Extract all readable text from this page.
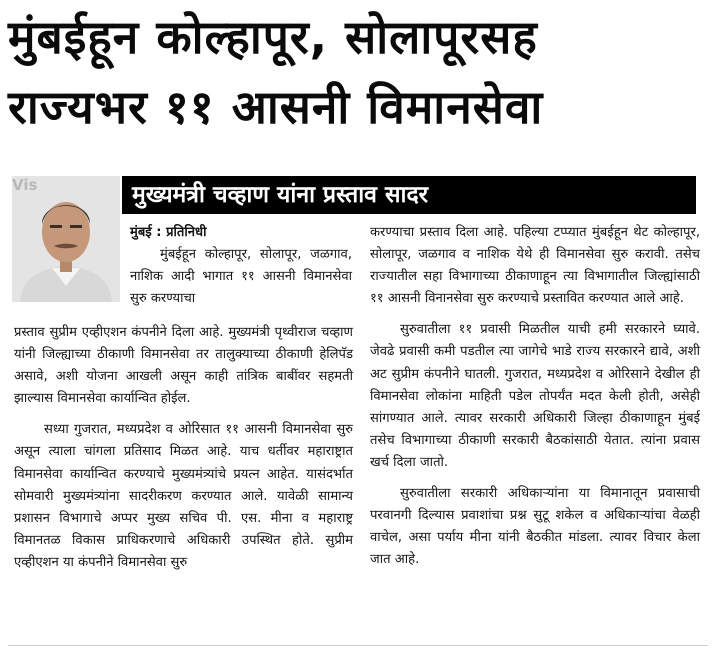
मुंबईहून कोल्हापूर, सोलापूरसह
राज्यभर ११ आसनी विमानसेवा
Vis	मुख्यमंत्री चव्हाण यांना प्रस्ताव सादर

मुंबई : प्रतिनिधी

मुंबईहून कोल्हापूर, सोलापूर, जळगाव, नाशिक आदी भागात ११ आसनी विमानसेवा सुरु करण्याचा

प्रस्ताव सुप्रीम एव्हीएशन कंपनीने दिला आहे. मुख्यमंत्री पृथ्वीराज चव्हाण यांनी जिल्ह्याच्या ठीकाणी विमानसेवा तर तालुक्याच्या ठीकाणी हेलिपॅड असावे, अशी योजना आखली असून काही तांत्रिक बाबींवर सहमती झाल्यास विमानसेवा कार्यान्वित होईल.

सध्या गुजरात, मध्यप्रदेश व ओरिसात ११ आसनी विमानसेवा सुरु असून त्याला चांगला प्रतिसाद मिळत आहे. याच धर्तीवर महाराष्ट्रात विमानसेवा कार्यान्वित करण्याचे मुख्यमंत्र्यांचे प्रयत्न आहेत. यासंदर्भात सोमवारी मुख्यमंत्र्यांना सादरीकरण करण्यात आले. यावेळी सामान्य प्रशासन विभागाचे अप्पर मुख्य सचिव पी. एस. मीना व महाराष्ट्र विमानतळ विकास प्राधिकरणाचे अधिकारी उपस्थित होते. सुप्रीम एव्हीएशन या कंपनीने विमानसेवा सुरु

करण्याचा प्रस्ताव दिला आहे. पहिल्या टप्प्यात मुंबईहून थेट कोल्हापूर, सोलापूर, जळगाव व नाशिक येथे ही विमानसेवा सुरु करावी. तसेच राज्यातील सहा विभागाच्या ठीकाणाहून त्या विभागातील जिल्ह्यांसाठी ११ आसनी विनानसेवा सुरु करण्याचे प्रस्तावित करण्यात आले आहे.

सुरुवातीला ११ प्रवासी मिळतील याची हमी सरकारने घ्यावे. जेवढे प्रवासी कमी पडतील त्या जागेचे भाडे राज्य सरकारने द्यावे, अशी अट सुप्रीम कंपनीने घातली. गुजरात, मध्यप्रदेश व ओरिसाने देखील ही विमानसेवा लोकांना माहिती पडेल तोपर्यंत मदत केली होती, असेही सांगण्यात आले. त्यावर सरकारी अधिकारी जिल्हा ठीकाणाहून मुंबई तसेच विभागाच्या ठीकाणी सरकारी बैठकांसाठी येतात. त्यांना प्रवास खर्च दिला जातो.

सुरुवातीला सरकारी अधिकाऱ्यांना या विमानातून प्रवासाची परवानगी दिल्यास प्रवाशांचा प्रश्न सुटू शकेल व अधिकाऱ्यांचा वेळही वाचेल, असा पर्याय मीना यांनी बैठकीत मांडला. त्यावर विचार केला जात आहे.
